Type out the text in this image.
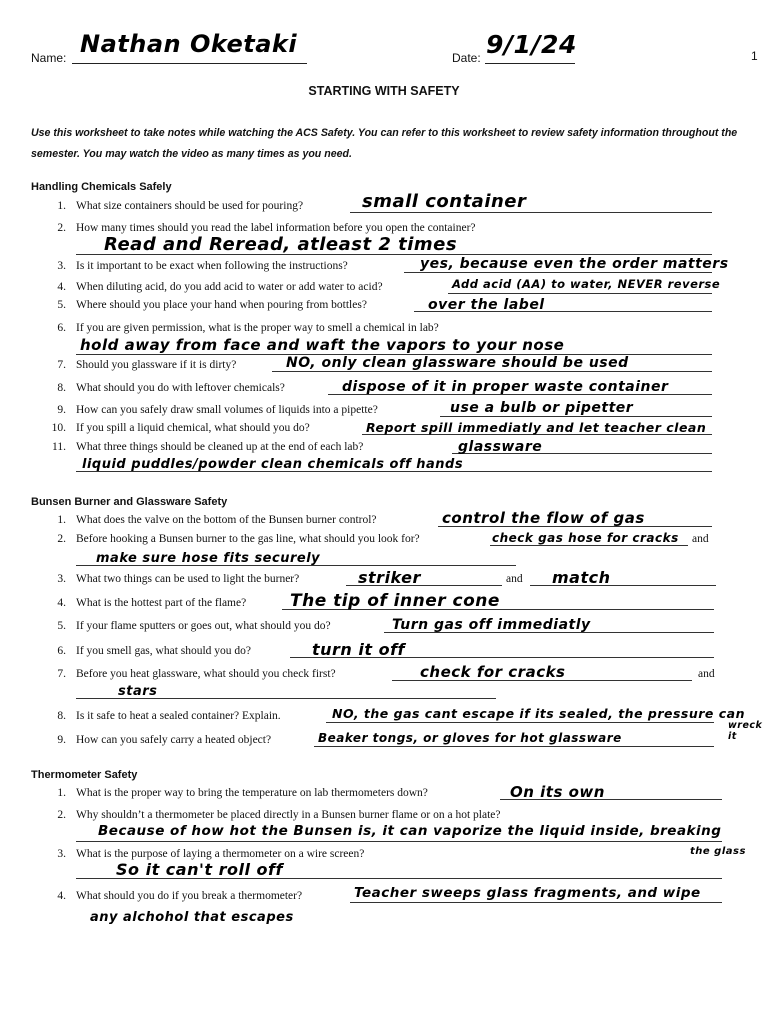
Name: Nathan Oketaki	Date: 9/1/24	1
STARTING WITH SAFETY
Use this worksheet to take notes while watching the ACS Safety. You can refer to this worksheet to review safety information throughout the semester. You may watch the video as many times as you need.
Handling Chemicals Safely
1. What size containers should be used for pouring?	small container
2. How many times should you read the label information before you open the container?
Read and Reread, atleast 2 times
3. Is it important to be exact when following the instructions?	yes, because even the order matters
4. When diluting acid, do you add acid to water or add water to acid?	Add acid (AA) to water, NEVER reverse
5. Where should you place your hand when pouring from bottles?	over the label
6. If you are given permission, what is the proper way to smell a chemical in lab?
hold away from face and waft the vapors to your nose
7. Should you glassware if it is dirty?	NO, only clean glassware should be used
8. What should you do with leftover chemicals?	dispose of it in proper waste container
9. How can you safely draw small volumes of liquids into a pipette?	use a bulb or pipetter
10. If you spill a liquid chemical, what should you do?	Report spill immediatly and let teacher clean
11. What three things should be cleaned up at the end of each lab?	glassware
liquid puddles/powder clean chemicals off hands
Bunsen Burner and Glassware Safety
1. What does the valve on the bottom of the Bunsen burner control?	control the flow of gas
2. Before hooking a Bunsen burner to the gas line, what should you look for?	check gas hose for cracks and
make sure hose fits securely
3. What two things can be used to light the burner?	striker	and match
4. What is the hottest part of the flame?	The tip of inner cone
5. If your flame sputters or goes out, what should you do?	Turn gas off immediatly
6. If you smell gas, what should you do?	turn it off
7. Before you heat glassware, what should you check first?	check for cracks	and
stars
8. Is it safe to heat a sealed container? Explain.	NO, the gas cant escape if its sealed, the pressure can
9. How can you safely carry a heated object?	Beaker tongs, or gloves for hot glassware
wreck it
Thermometer Safety
1. What is the proper way to bring the temperature on lab thermometers down?	On its own
2. Why shouldn’t a thermometer be placed directly in a Bunsen burner flame or on a hot plate?
Because of how hot the Bunsen is, it can vaporize the liquid inside, breaking
the glass
3. What is the purpose of laying a thermometer on a wire screen?
So it can't roll off
4. What should you do if you break a thermometer?	Teacher sweeps glass fragments, and wipe
any alchohol that escapes
